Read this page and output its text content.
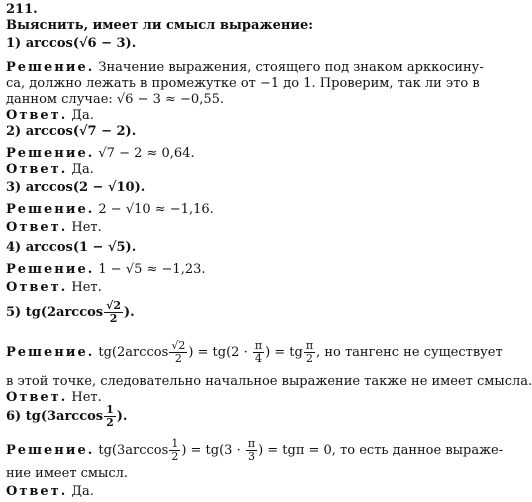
211.
Выяснить, имеет ли смысл выражение:
1) arccos(√6 − 3).
Решение. Значение выражения, стоящего под знаком арккосину-
са, должно лежать в промежутке от −1 до 1. Проверим, так ли это в
данном случае: √6 − 3 ≈ −0,55.
Ответ. Да.
2) arccos(√7 − 2).
Решение. √7 − 2 ≈ 0,64.
Ответ. Да.
3) arccos(2 − √10).
Решение. 2 − √10 ≈ −1,16.
Ответ. Нет.
4) arccos(1 − √5).
Решение. 1 − √5 ≈ −1,23.
Ответ. Нет.
5) $tg(2\arccos \frac{√2}{2}$ ).
Решение. $tg(2\arccos \frac{√2}{2}$ ) = $tg(2 \cdot \frac{\pi}{4}$ ) = tg $\frac{\pi}{2}$ , но тангенс не существует
в этой точке, следовательно начальное выражение также не имеет смысла.
Ответ. Нет.
6) $tg(3\arccos \frac{1}{2}$ ).
Решение. $tg(3\arccos \frac{1}{2}$ ) = $tg(3 \cdot \frac{\pi}{3}$ ) = tgπ = 0, то есть данное выраже-
ние имеет смысл.
Ответ. Да.
